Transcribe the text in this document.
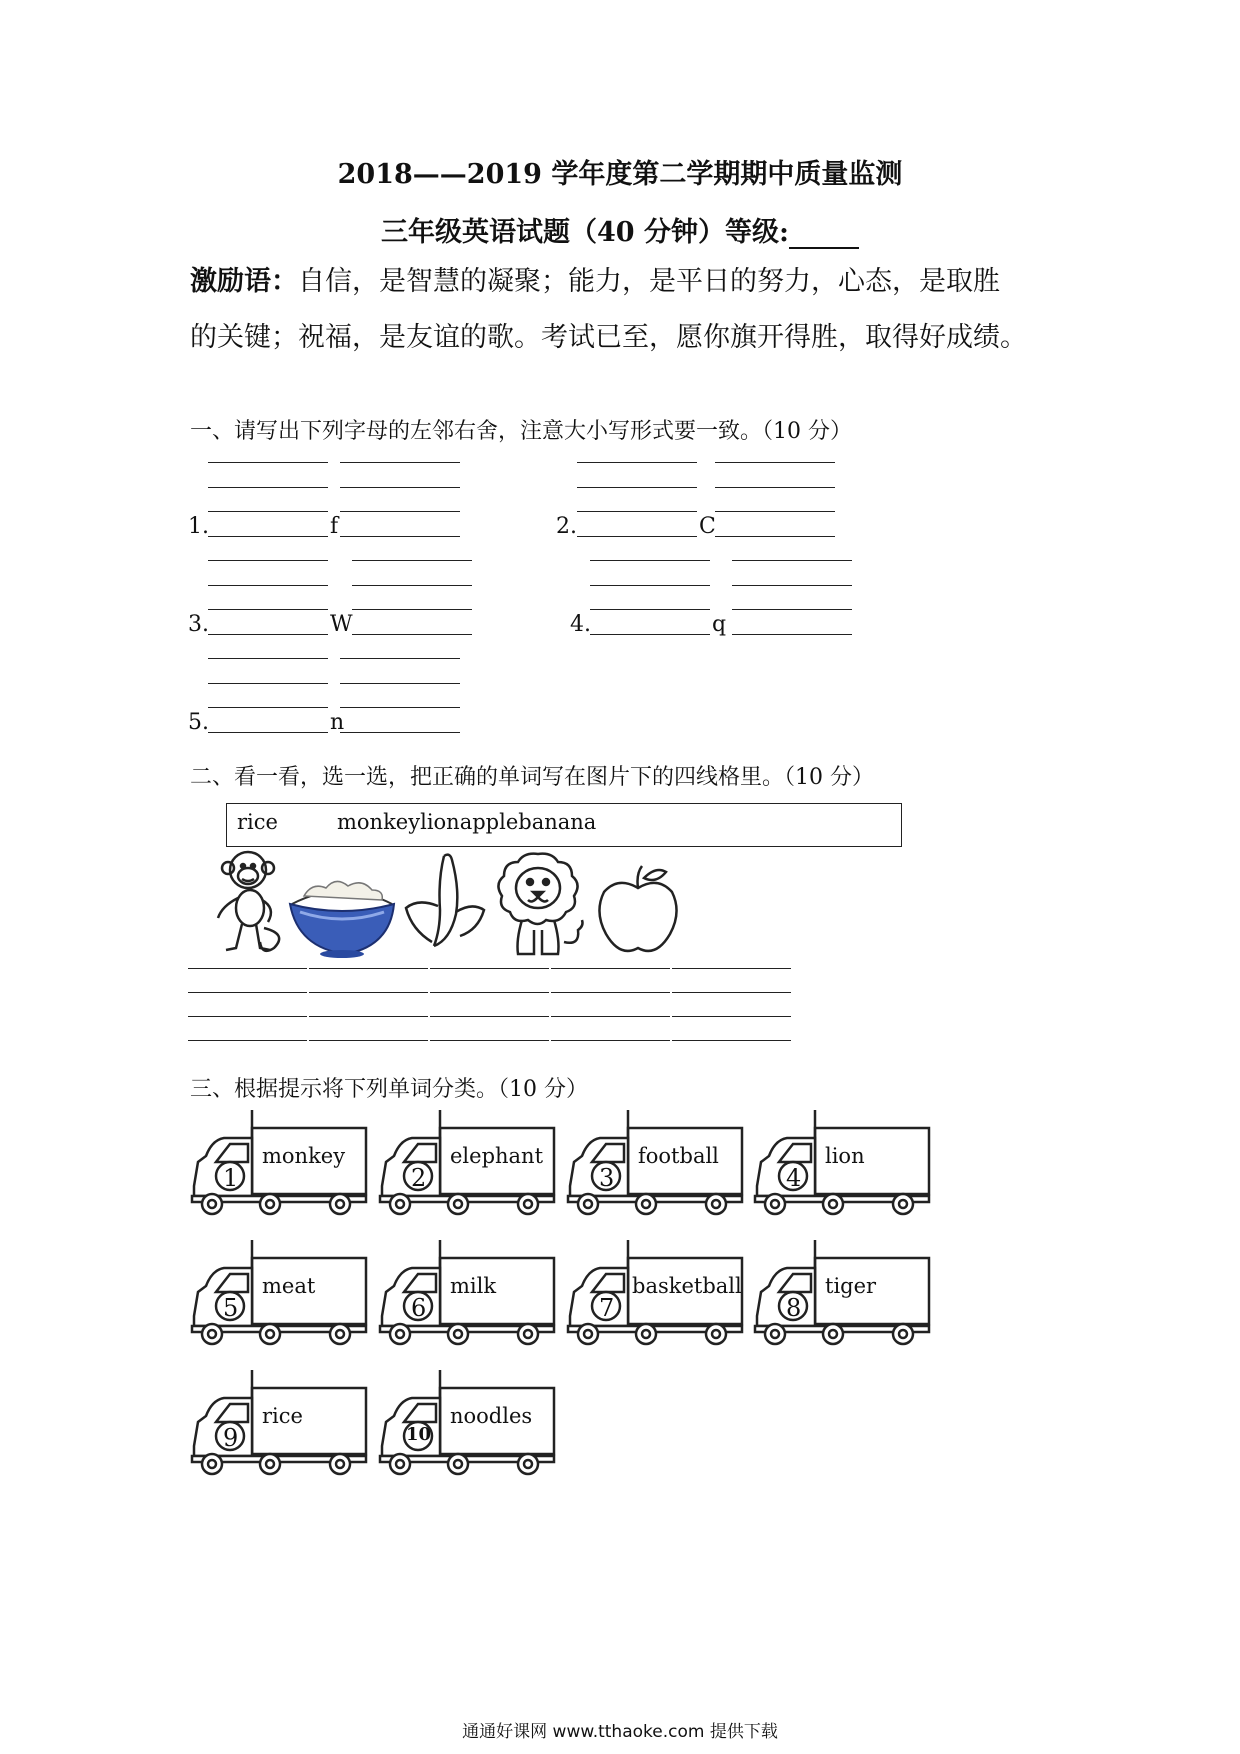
2018——2019 学年度第二学期期中质量监测
三年级英语试题（40 分钟）等级:
激励语：自信，是智慧的凝聚；能力，是平日的努力，心态，是取胜
的关键；祝福，是友谊的歌。考试已至，愿你旗开得胜，取得好成绩。
一、请写出下列字母的左邻右舍，注意大小写形式要一致。（10 分）
1.	f	2.	C
3.	W	4.	q
5.	n
二、看一看，选一选，把正确的单词写在图片下的四线格里。（10 分）
rice	monkeylionapplebanana
三、根据提示将下列单词分类。（10 分）
1
monkey
2
elephant
3
football
4
lion
5
meat
6
milk
7
basketball
8
tiger
9
rice
10
noodles
通通好课网 www.tthaoke.com 提供下载
